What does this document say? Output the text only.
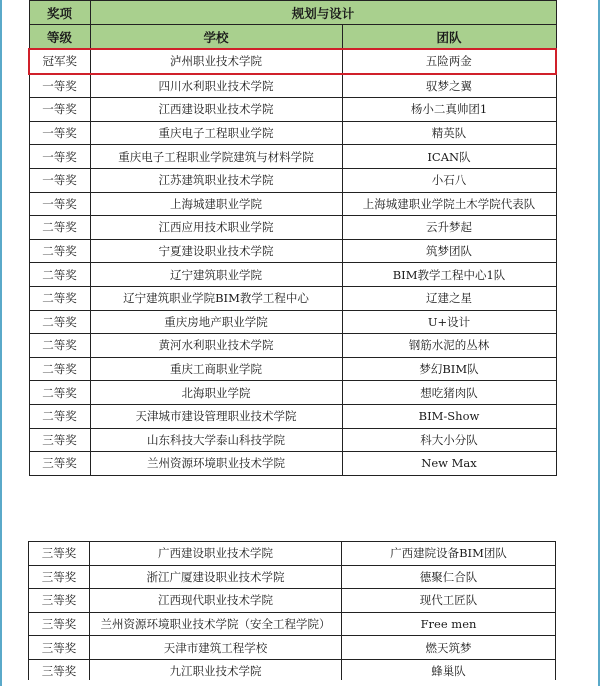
奖项	规划与设计	
等级	学校	团队
冠军奖	泸州职业技术学院	五险两金
一等奖	四川水利职业技术学院	驭梦之翼
一等奖	江西建设职业技术学院	杨小二真帅团1
一等奖	重庆电子工程职业学院	精英队
一等奖	重庆电子工程职业学院建筑与材料学院	ICAN队
一等奖	江苏建筑职业技术学院	小石八
一等奖	上海城建职业学院	上海城建职业学院土木学院代表队
二等奖	江西应用技术职业学院	云升梦起
二等奖	宁夏建设职业技术学院	筑梦团队
二等奖	辽宁建筑职业学院	BIM教学工程中心1队
二等奖	辽宁建筑职业学院BIM教学工程中心	辽建之星
二等奖	重庆房地产职业学院	U+设计
二等奖	黄河水利职业技术学院	钢筋水泥的丛林
二等奖	重庆工商职业学院	梦幻BIM队
二等奖	北海职业学院	想吃猪肉队
二等奖	天津城市建设管理职业技术学院	BIM-Show
三等奖	山东科技大学泰山科技学院	科大小分队
三等奖	兰州资源环境职业技术学院	New Max
三等奖	广西建设职业技术学院	广西建院设备BIM团队
三等奖	浙江广厦建设职业技术学院	德聚仁合队
三等奖	江西现代职业技术学院	现代工匠队
三等奖	兰州资源环境职业技术学院（安全工程学院）	Free men
三等奖	天津市建筑工程学校	燃天筑梦
三等奖	九江职业技术学院	蜂巢队
